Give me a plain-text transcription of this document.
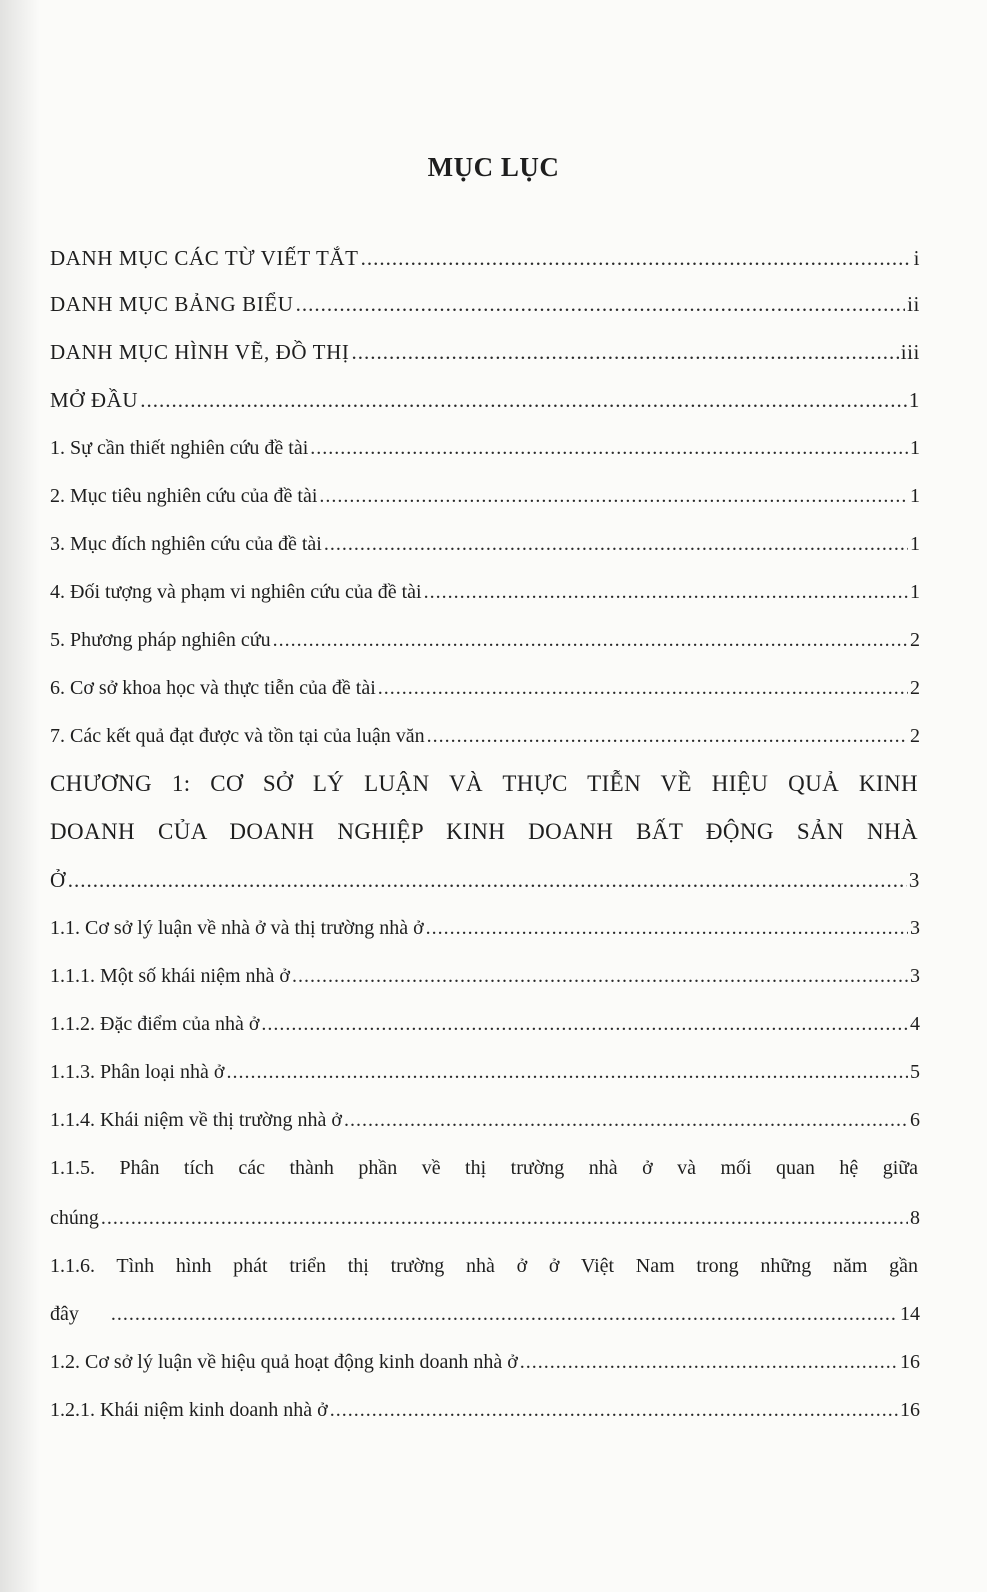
MỤC LỤC
DANH MỤC CÁC TỪ VIẾT TẮT .....	i
DANH MỤC BẢNG BIỂU .....	ii
DANH MỤC HÌNH VẼ, ĐỒ THỊ .....	iii
MỞ ĐẦU .....	1
1. Sự cần thiết nghiên cứu đề tài .....	1
2. Mục tiêu nghiên cứu của đề tài .....	1
3. Mục đích nghiên cứu của đề tài .....	1
4. Đối tượng và phạm vi nghiên cứu của đề tài .....	1
5. Phương pháp nghiên cứu .....	2
6. Cơ sở khoa học và thực tiễn của đề tài .....	2
7. Các kết quả đạt được và tồn tại của luận văn .....	2
CHƯƠNG 1: CƠ SỞ LÝ LUẬN VÀ THỰC TIỄN VỀ HIỆU QUẢ KINH
DOANH CỦA DOANH NGHIỆP KINH DOANH BẤT ĐỘNG SẢN NHÀ
Ở .....	3
1.1. Cơ sở lý luận về nhà ở và thị trường nhà ở .....	3
1.1.1. Một số khái niệm nhà ở .....	3
1.1.2. Đặc điểm của nhà ở .....	4
1.1.3. Phân loại nhà ở .....	5
1.1.4. Khái niệm về thị trường nhà ở .....	6
1.1.5. Phân tích các thành phần về thị trường nhà ở và mối quan hệ giữa
chúng .....	8
1.1.6. Tình hình phát triển thị trường nhà ở ở Việt Nam trong những năm gần
đây .....	14
1.2. Cơ sở lý luận về hiệu quả hoạt động kinh doanh nhà ở .....	16
1.2.1. Khái niệm kinh doanh nhà ở .....	16
